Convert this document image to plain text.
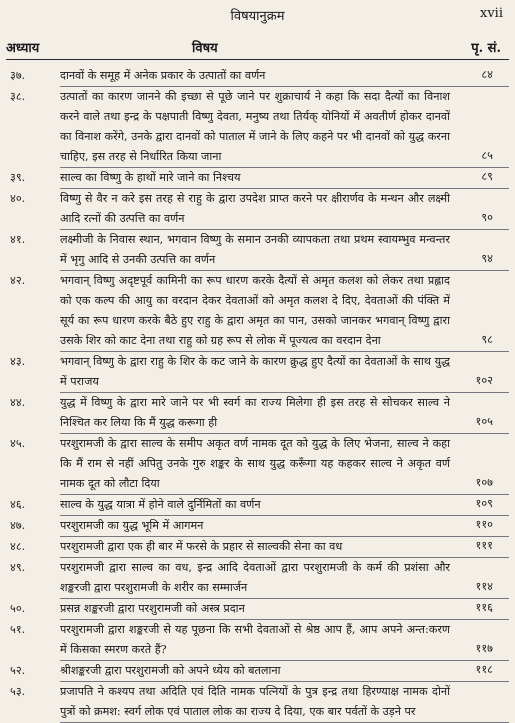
विषयानुक्रम	xvii
अध्याय	विषय	पृ. सं.
३७.	दानवों के समूह में अनेक प्रकार के उत्पातों का वर्णन	८४
३८.	उत्पातों का कारण जानने की इच्छा से पूछे जाने पर शुक्राचार्य ने कहा कि सदा दैत्यों का विनाश करने वाले तथा इन्द्र के पक्षपाती विष्णु देवता, मनुष्य तथा तिर्यक् योनियों में अवतीर्ण होकर दानवों का विनाश करेंगे, उनके द्वारा दानवों को पाताल में जाने के लिए कहने पर भी दानवों को युद्ध करना चाहिए, इस तरह से निर्धारित किया जाना	८५
३९.	साल्व का विष्णु के हाथों मारे जाने का निश्चय	८९
४०.	विष्णु से वैर न करे इस तरह से राहु के द्वारा उपदेश प्राप्त करने पर क्षीरार्णव के मन्थन और लक्ष्मी आदि रत्नों की उत्पत्ति का वर्णन	९०
४१.	लक्ष्मीजी के निवास स्थान, भगवान विष्णु के समान उनकी व्यापकता तथा प्रथम स्वायम्भुव मन्वन्तर में भृगु आदि से उनकी उत्पत्ति का वर्णन	९४
४२.	भगवान् विष्णु अदृष्टपूर्व कामिनी का रूप धारण करके दैत्यों से अमृत कलश को लेकर तथा प्रह्लाद को एक कल्प की आयु का वरदान देकर देवताओं को अमृत कलश दे दिए, देवताओं की पंक्ति में सूर्य का रूप धारण करके बैठे हुए राहु के द्वारा अमृत का पान, उसको जानकर भगवान् विष्णु द्वारा उसके शिर को काट देना तथा राहु को ग्रह रूप से लोक में पूज्यत्व का वरदान देना	९८
४३.	भगवान् विष्णु के द्वारा राहु के शिर के कट जाने के कारण क्रुद्ध हुए दैत्यों का देवताओं के साथ युद्ध में पराजय	१०२
४४.	युद्ध में विष्णु के द्वारा मारे जाने पर भी स्वर्ग का राज्य मिलेगा ही इस तरह से सोचकर साल्व ने निश्चित कर लिया कि मैं युद्ध करूगा ही	१०५
४५.	परशुरामजी के द्वारा साल्व के समीप अकृत वर्ण नामक दूत को युद्ध के लिए भेजना, साल्व ने कहा कि मैं राम से नहीं अपितु उनके गुरु शङ्कर के साथ युद्ध करूँगा यह कहकर साल्व ने अकृत वर्ण नामक दूत को लौटा दिया	१०७
४६.	साल्व के युद्ध यात्रा में होने वाले दुर्निमितों का वर्णन	१०९
४७.	परशुरामजी का युद्ध भूमि में आगमन	११०
४८.	परशुरामजी द्वारा एक ही बार में फरसे के प्रहार से साल्वकी सेना का वध	१११
४९.	परशुरामजी द्वारा साल्व का वध, इन्द्र आदि देवताओं द्वारा परशुरामजी के कर्म की प्रशंसा और शङ्करजी द्वारा परशुरामजी के शरीर का सम्मार्जन	११४
५०.	प्रसन्न शङ्करजी द्वारा परशुरामजी को अस्त्र प्रदान	११६
५१.	परशुरामजी द्वारा शङ्करजी से यह पूछना कि सभी देवताओं से श्रेष्ठ आप हैं, आप अपने अन्त:करण में किसका स्मरण करते हैं?	११७
५२.	श्रीशङ्करजी द्वारा परशुरामजी को अपने ध्येय को बतलाना	११८
५३.	प्रजापति ने कश्यप तथा अदिति एवं दिति नामक पत्नियों के पुत्र इन्द्र तथा हिरण्याक्ष नामक दोनों पुत्रों को क्रमश: स्वर्ग लोक एवं पाताल लोक का राज्य दे दिया, एक बार पर्वतों के उड़ने पर
